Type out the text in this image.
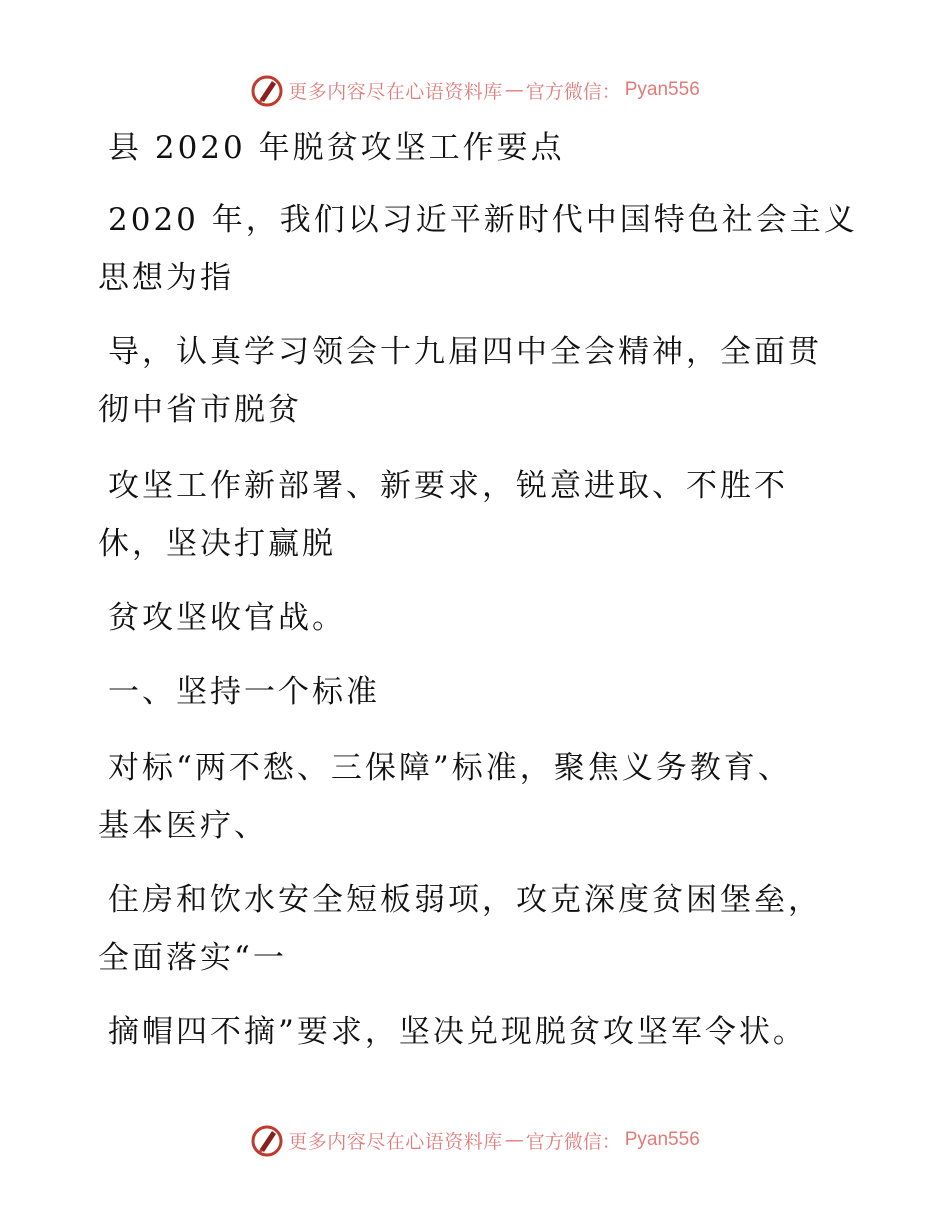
更多内容尽在心语资料库 — 官方微信： Pyan556
县 2020 年脱贫攻坚工作要点
2020 年，我们以习近平新时代中国特色社会主义
思想为指
导，认真学习领会十九届四中全会精神，全面贯
彻中省市脱贫
攻坚工作新部署、新要求，锐意进取、不胜不
休，坚决打赢脱
贫攻坚收官战。
一、坚持一个标准
对标“两不愁、三保障”标准，聚焦义务教育、
基本医疗、
住房和饮水安全短板弱项，攻克深度贫困堡垒，
全面落实“一
摘帽四不摘”要求，坚决兑现脱贫攻坚军令状。
更多内容尽在心语资料库 — 官方微信： Pyan556
